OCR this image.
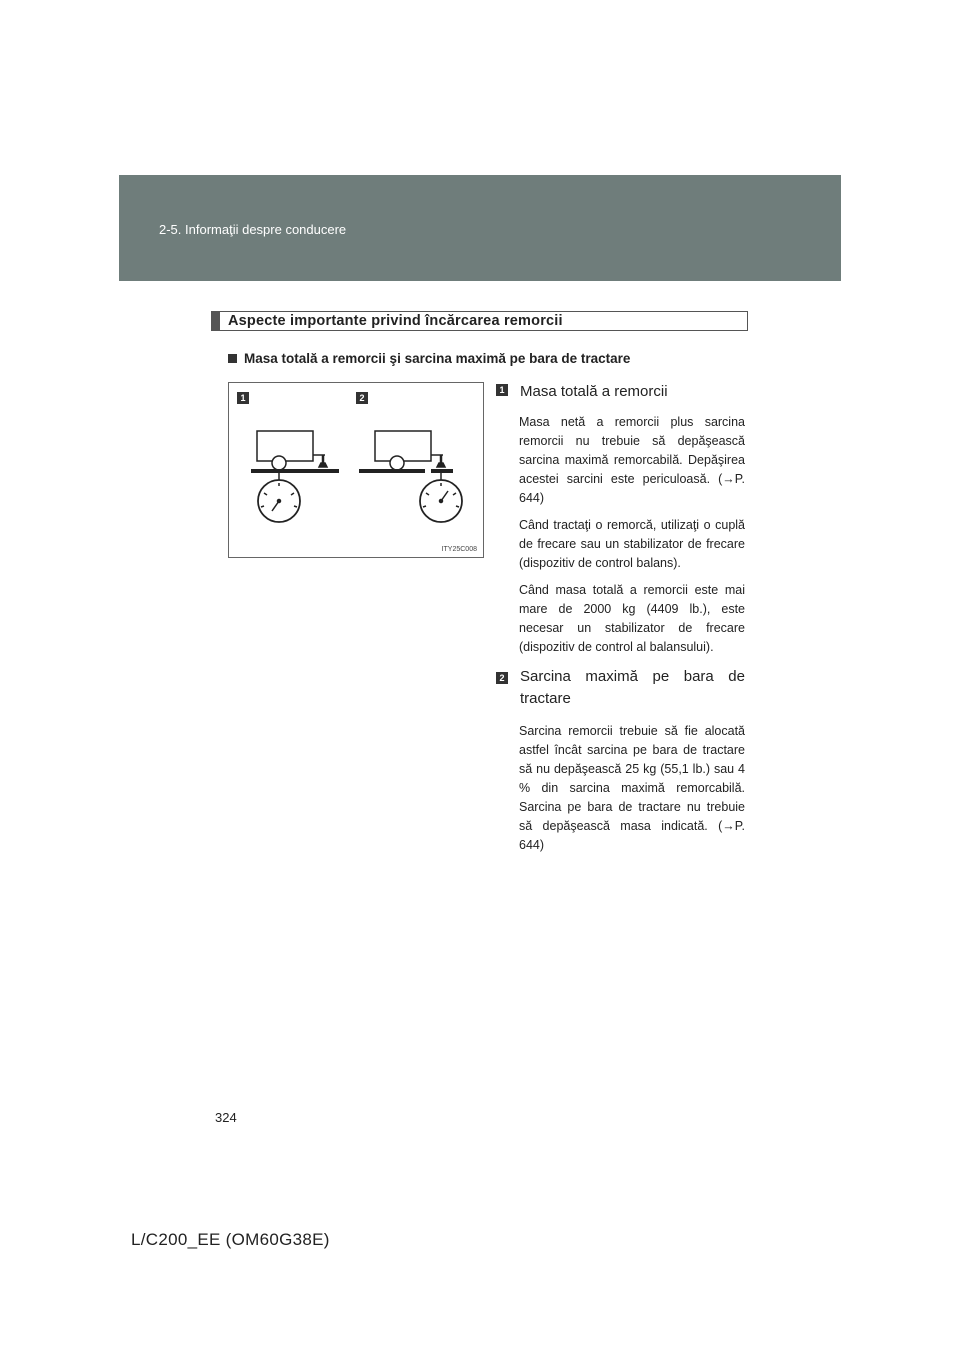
2-5. Informaţii despre conducere
Aspecte importante privind încărcarea remorcii
Masa totală a remorcii şi sarcina maximă pe bara de tractare
1	2
ITY25C008
1	Masa totală a remorcii

Masa netă a remorcii plus sarcina remorcii nu trebuie să depăşească sarcina maximă remorcabilă. Depăşirea acestei sarcini este periculoasă. (→P. 644)

Când tractaţi o remorcă, utilizaţi o cuplă de frecare sau un stabilizator de frecare (dispozitiv de control balans).

Când masa totală a remorcii este mai mare de 2000 kg (4409 lb.), este necesar un stabilizator de frecare (dispozitiv de control al balansului).

2	Sarcina maximă pe bara de tractare

Sarcina remorcii trebuie să fie alocată astfel încât sarcina pe bara de tractare să nu depăşească 25 kg (55,1 lb.) sau 4 % din sarcina maximă remorcabilă. Sarcina pe bara de tractare nu trebuie să depăşească masa indicată. (→P. 644)

324
L/C200_EE (OM60G38E)
